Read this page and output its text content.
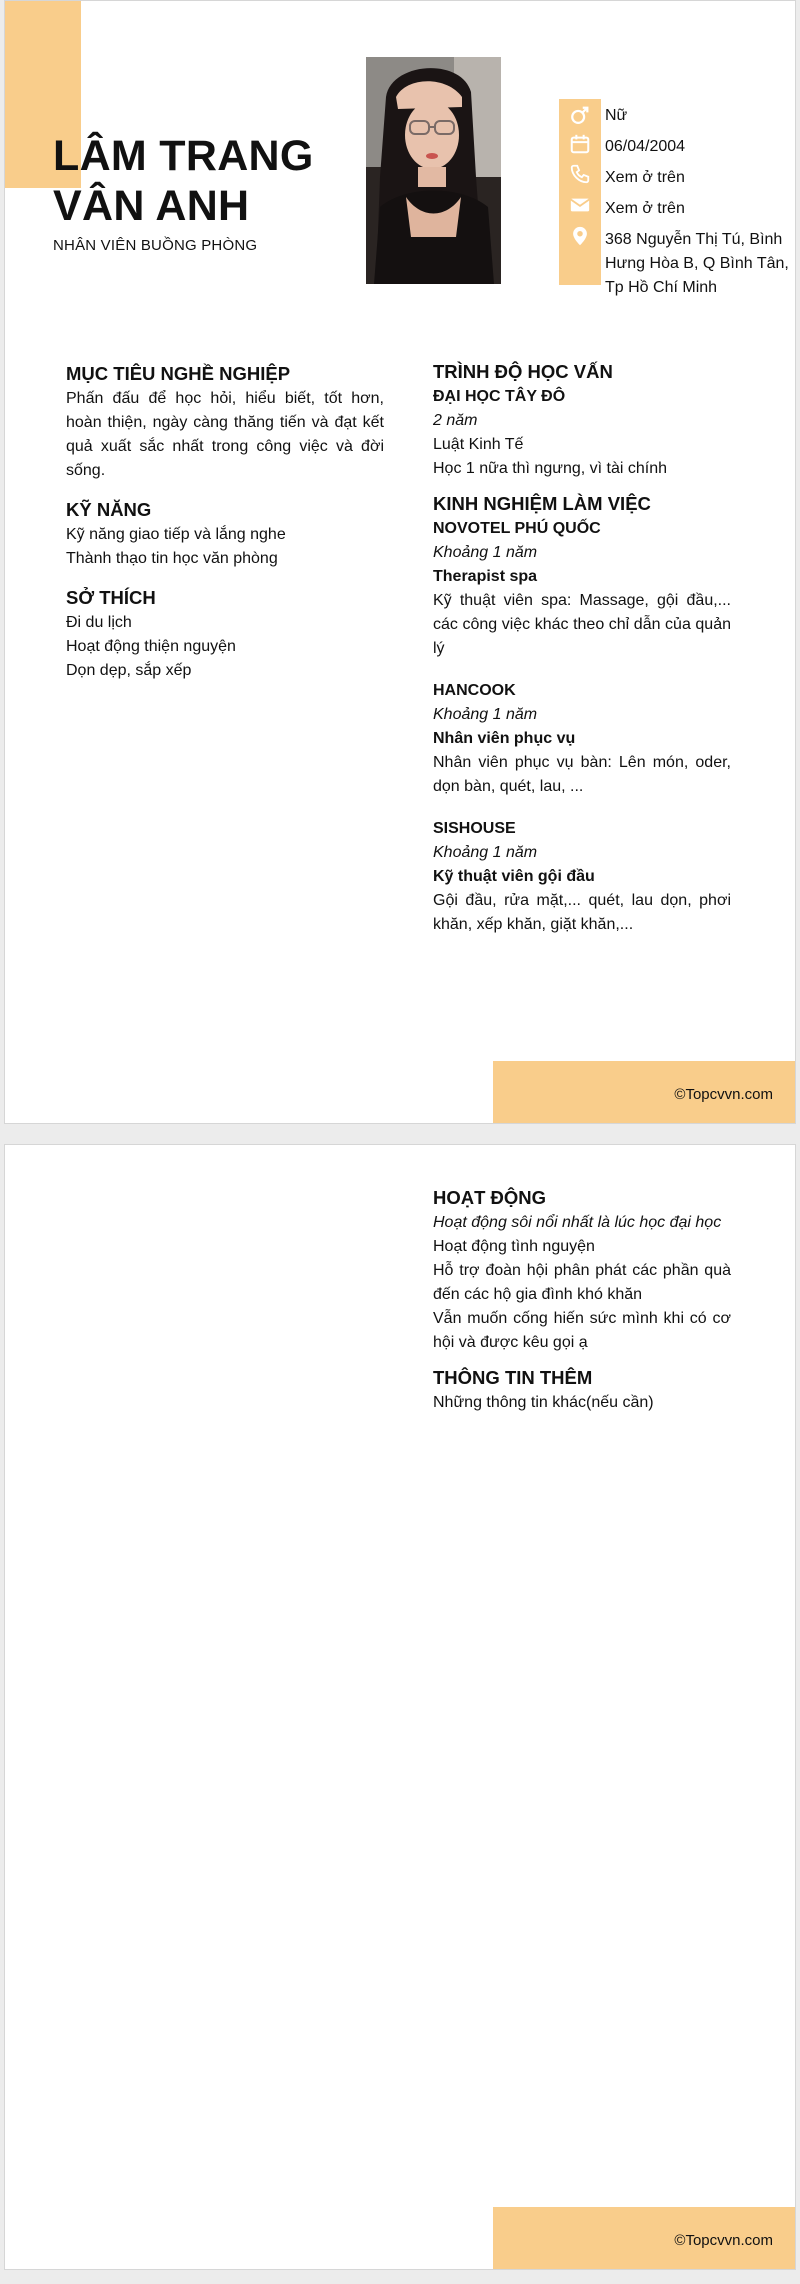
LÂM TRANG
VÂN ANH
NHÂN VIÊN BUỒNG PHÒNG
Nữ
06/04/2004
Xem ở trên
Xem ở trên
368 Nguyễn Thị Tú, Bình Hưng Hòa B, Q Bình Tân, Tp Hồ Chí Minh
MỤC TIÊU NGHỀ NGHIỆP
Phấn đấu để học hỏi, hiểu biết, tốt hơn, hoàn thiện, ngày càng thăng tiến và đạt kết quả xuất sắc nhất trong công việc và đời sống.
KỸ NĂNG
Kỹ năng giao tiếp và lắng nghe
Thành thạo tin học văn phòng
SỞ THÍCH
Đi du lịch
Hoạt động thiện nguyện
Dọn dẹp, sắp xếp
TRÌNH ĐỘ HỌC VẤN
ĐẠI HỌC TÂY ĐÔ
2 năm
Luật Kinh Tế
Học 1 nữa thì ngưng, vì tài chính
KINH NGHIỆM LÀM VIỆC
NOVOTEL PHÚ QUỐC
Khoảng 1 năm
Therapist spa
Kỹ thuật viên spa: Massage, gội đầu,... các công việc khác theo chỉ dẫn của quản lý
HANCOOK
Khoảng 1 năm
Nhân viên phục vụ
Nhân viên phục vụ bàn: Lên món, oder, dọn bàn, quét, lau, ...
SISHOUSE
Khoảng 1 năm
Kỹ thuật viên gội đầu
Gội đầu, rửa mặt,... quét, lau dọn, phơi khăn, xếp khăn, giặt khăn,...
©Topcvvn.com
HOẠT ĐỘNG
Hoạt động sôi nổi nhất là lúc học đại học
Hoạt động tình nguyện
Hỗ trợ đoàn hội phân phát các phần quà đến các hộ gia đình khó khăn
Vẫn muốn cống hiến sức mình khi có cơ hội và được kêu gọi ạ
THÔNG TIN THÊM
Những thông tin khác(nếu cần)
©Topcvvn.com
